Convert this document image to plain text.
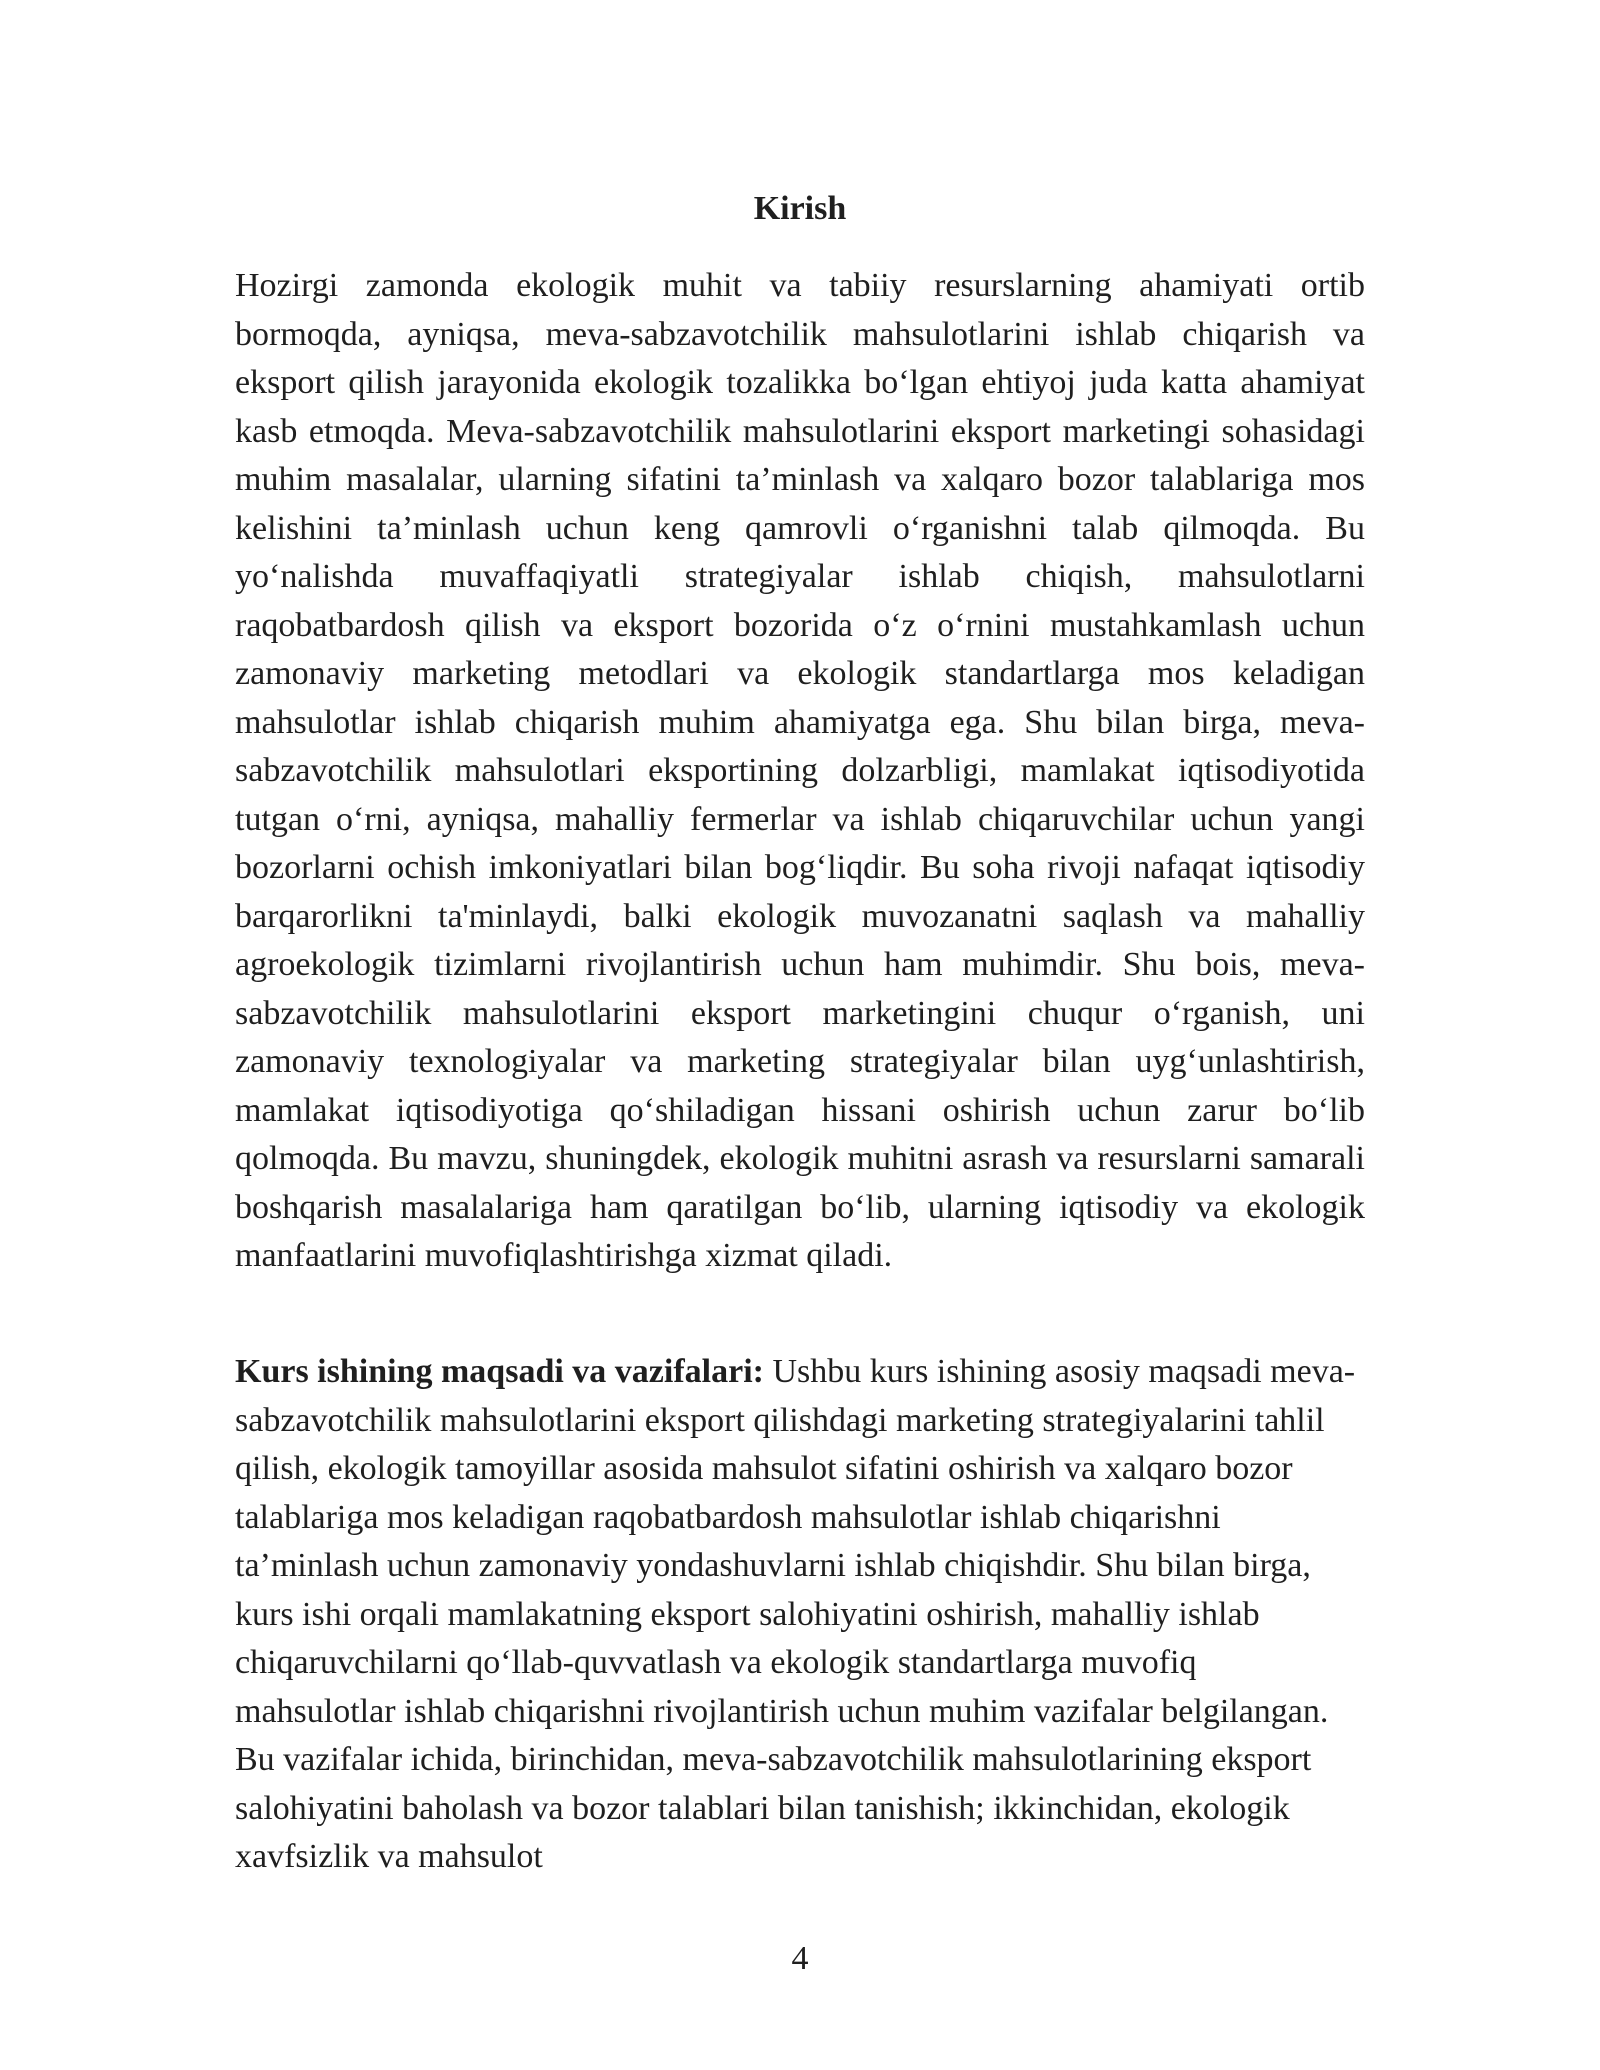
Kirish

Hozirgi zamonda ekologik muhit va tabiiy resurslarning ahamiyati ortib bormoqda, ayniqsa, meva-sabzavotchilik mahsulotlarini ishlab chiqarish va eksport qilish jarayonida ekologik tozalikka bo‘lgan ehtiyoj juda katta ahamiyat kasb etmoqda. Meva-sabzavotchilik mahsulotlarini eksport marketingi sohasidagi muhim masalalar, ularning sifatini ta’minlash va xalqaro bozor talablariga mos kelishini ta’minlash uchun keng qamrovli o‘rganishni talab qilmoqda. Bu yo‘nalishda muvaffaqiyatli strategiyalar ishlab chiqish, mahsulotlarni raqobatbardosh qilish va eksport bozorida o‘z o‘rnini mustahkamlash uchun zamonaviy marketing metodlari va ekologik standartlarga mos keladigan mahsulotlar ishlab chiqarish muhim ahamiyatga ega. Shu bilan birga, meva-sabzavotchilik mahsulotlari eksportining dolzarbligi, mamlakat iqtisodiyotida tutgan o‘rni, ayniqsa, mahalliy fermerlar va ishlab chiqaruvchilar uchun yangi bozorlarni ochish imkoniyatlari bilan bog‘liqdir. Bu soha rivoji nafaqat iqtisodiy barqarorlikni ta'minlaydi, balki ekologik muvozanatni saqlash va mahalliy agroekologik tizimlarni rivojlantirish uchun ham muhimdir. Shu bois, meva-sabzavotchilik mahsulotlarini eksport marketingini chuqur o‘rganish, uni zamonaviy texnologiyalar va marketing strategiyalar bilan uyg‘unlashtirish, mamlakat iqtisodiyotiga qo‘shiladigan hissani oshirish uchun zarur bo‘lib qolmoqda. Bu mavzu, shuningdek, ekologik muhitni asrash va resurslarni samarali boshqarish masalalariga ham qaratilgan bo‘lib, ularning iqtisodiy va ekologik manfaatlarini muvofiqlashtirishga xizmat qiladi.

Kurs ishining maqsadi va vazifalari: Ushbu kurs ishining asosiy maqsadi meva-sabzavotchilik mahsulotlarini eksport qilishdagi marketing strategiyalarini tahlil qilish, ekologik tamoyillar asosida mahsulot sifatini oshirish va xalqaro bozor talablariga mos keladigan raqobatbardosh mahsulotlar ishlab chiqarishni ta’minlash uchun zamonaviy yondashuvlarni ishlab chiqishdir. Shu bilan birga, kurs ishi orqali mamlakatning eksport salohiyatini oshirish, mahalliy ishlab chiqaruvchilarni qo‘llab-quvvatlash va ekologik standartlarga muvofiq mahsulotlar ishlab chiqarishni rivojlantirish uchun muhim vazifalar belgilangan. Bu vazifalar ichida, birinchidan, meva-sabzavotchilik mahsulotlarining eksport salohiyatini baholash va bozor talablari bilan tanishish; ikkinchidan, ekologik xavfsizlik va mahsulot

4
